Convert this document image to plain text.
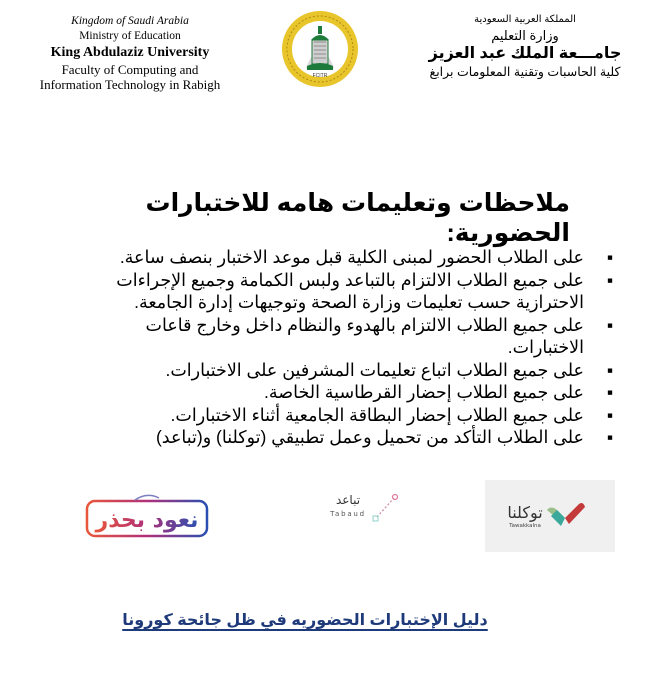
Kingdom of Saudi Arabia
Ministry of Education
King Abdulaziz University
Faculty of Computing and
Information Technology in Rabigh
FCITR
المملكة العربية السعودية
وزارة التعليم
جامـــعة الملك عبد العزيز
كلية الحاسبات وتقنية المعلومات برابغ
ملاحظات وتعليمات هامه للاختبارات الحضورية:
▪
على الطلاب الحضور لمبنى الكلية قبل موعد الاختبار بنصف ساعة.
▪
على جميع الطلاب الالتزام بالتباعد ولبس الكمامة وجميع الإجراءات الاحترازية حسب تعليمات وزارة الصحة وتوجيهات إدارة الجامعة.
▪
على جميع الطلاب الالتزام بالهدوء والنظام داخل وخارج قاعات الاختبارات.
▪
على جميع الطلاب اتباع تعليمات المشرفين على الاختبارات.
▪
على جميع الطلاب إحضار القرطاسية الخاصة.
▪
على جميع الطلاب إحضار البطاقة الجامعية أثناء الاختبارات.
▪
على الطلاب التأكد من تحميل وعمل تطبيقي (توكلنا) و(تباعد)
نعود بحذر
تباعد
Tabaud	توكلنا
Tawakkalna
دليل الإختبارات الحضوريه في ظل جائحة كورونا
